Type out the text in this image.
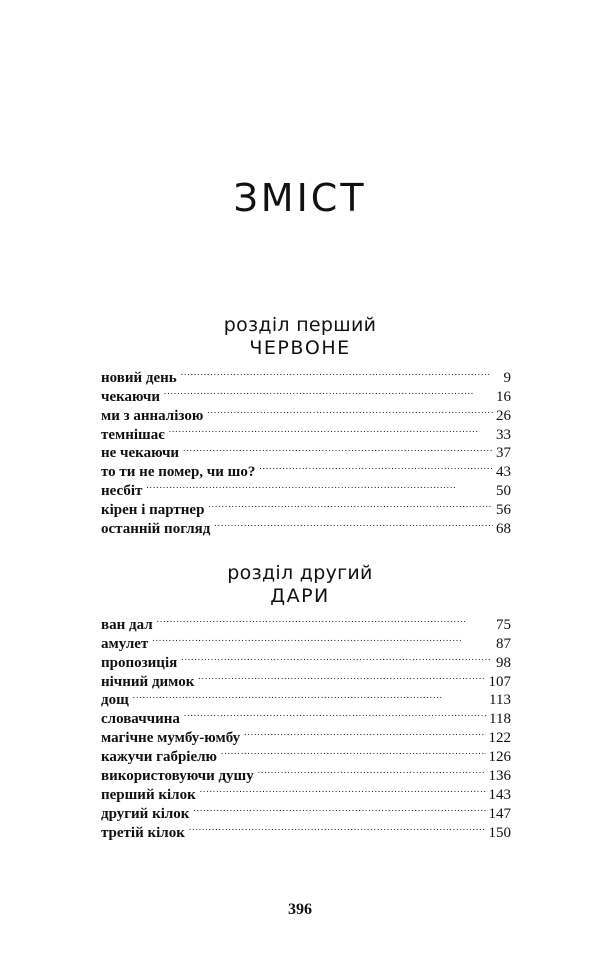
ЗМІСТ
розділ перший
ЧЕРВОНЕ
новий день . . .	9
чекаючи . . .	16
ми з анналізою . . .	26
темнішає . . .	33
не чекаючи . . .	37
то ти не помер, чи шо? . . .	43
несбіт . . .	50
кірен і партнер . . .	56
останній погляд . . .	68
розділ другий
ДАРИ
ван дал . . .	75
амулет . . .	87
пропозиція . . .	98
нічний димок . . .	107
дощ . . .	113
словаччина . . .	118
магічне мумбу-юмбу . . .	122
кажучи габріелю . . .	126
використовуючи душу . . .	136
перший кілок . . .	143
другий кілок . . .	147
третій кілок . . .	150
396
